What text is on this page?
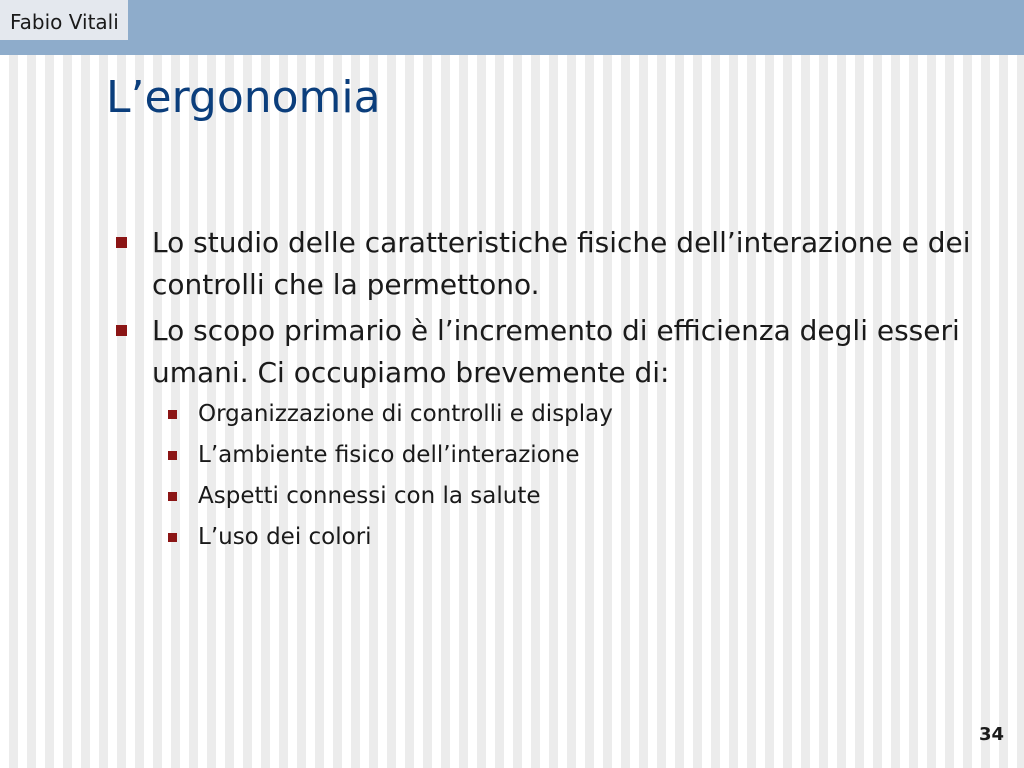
Fabio Vitali
L’ergonomia
Lo studio delle caratteristiche fisiche dell’interazione e dei controlli che la permettono.
Lo scopo primario è l’incremento di efficienza degli esseri umani. Ci occupiamo brevemente di:
Organizzazione di controlli e display
L’ambiente fisico dell’interazione
Aspetti connessi con la salute
L’uso dei colori
34
